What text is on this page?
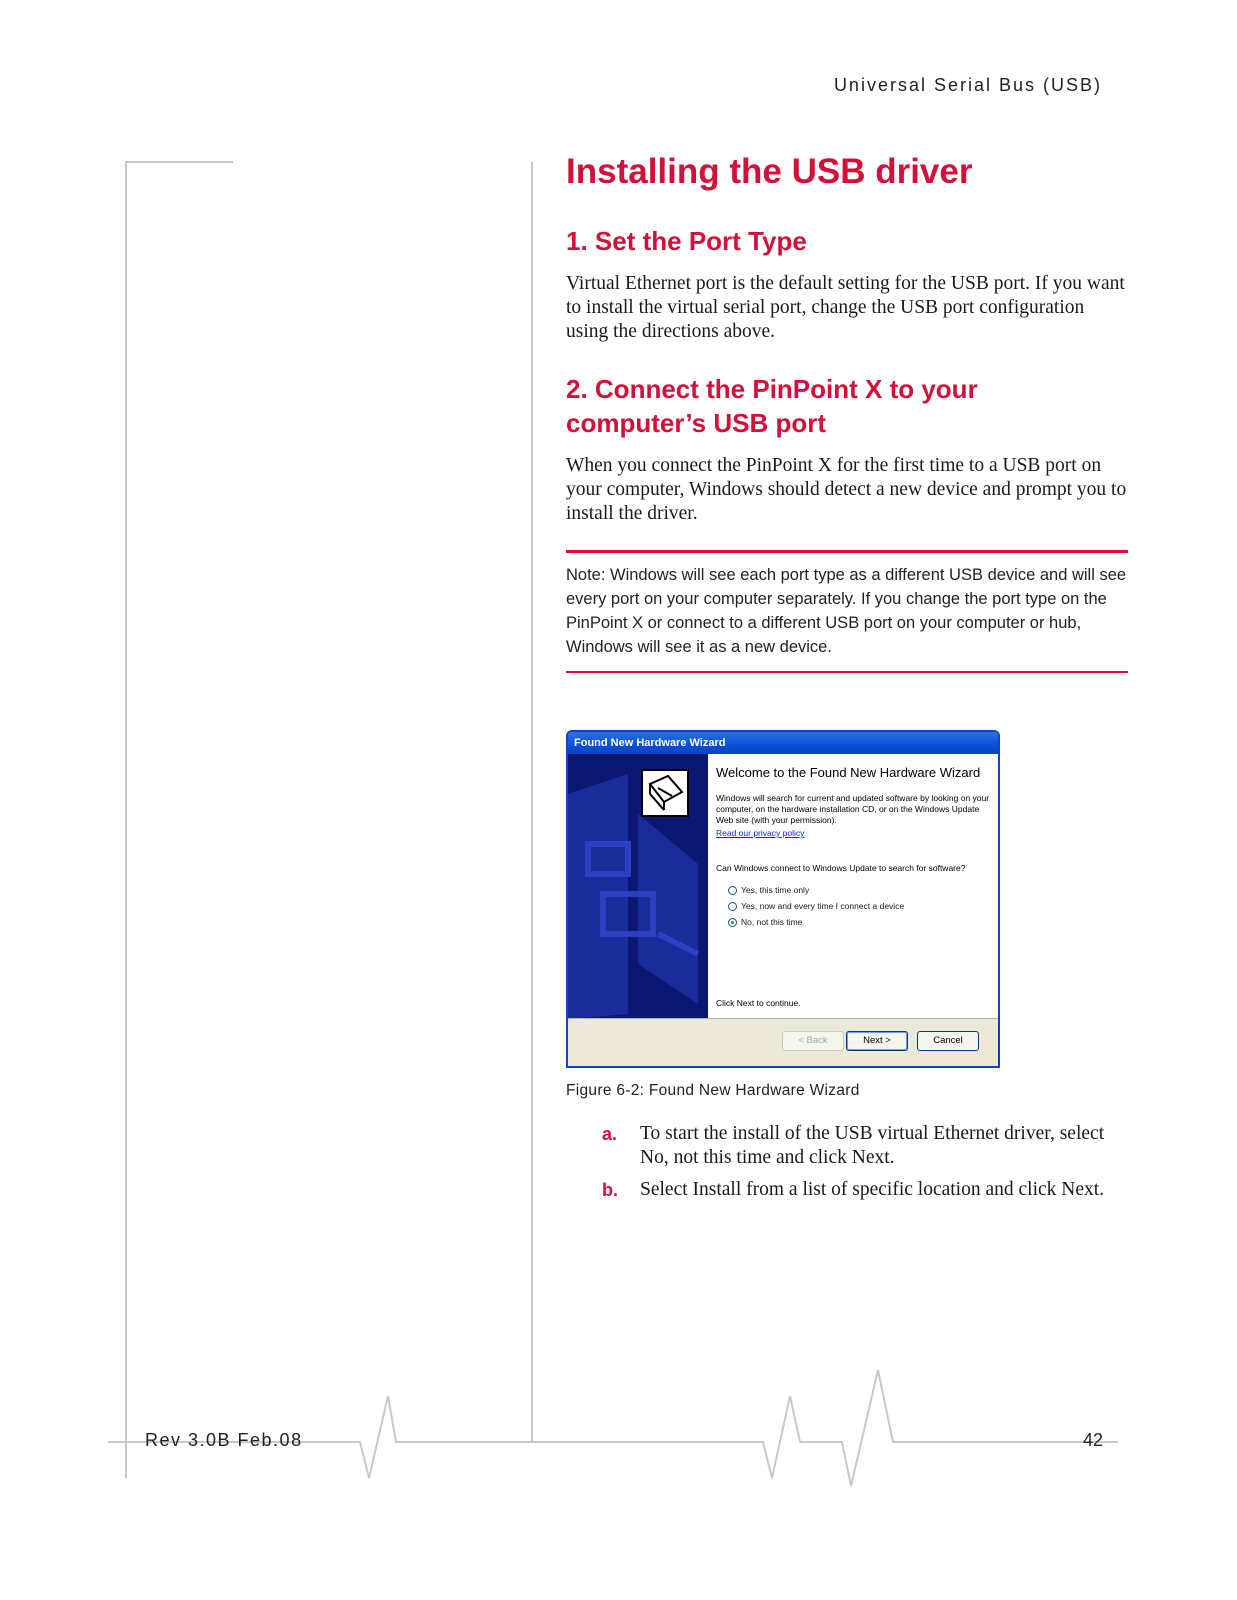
Universal Serial Bus (USB)
Installing the USB driver
1. Set the Port Type

Virtual Ethernet port is the default setting for the USB port. If you want to install the virtual serial port, change the USB port configuration using the directions above.

2. Connect the PinPoint X to your
computer’s USB port

When you connect the PinPoint X for the first time to a USB port on your computer, Windows should detect a new device and prompt you to install the driver.

Note: Windows will see each port type as a different USB device and will see every port on your computer separately. If you change the port type on the PinPoint X or connect to a different USB port on your computer or hub, Windows will see it as a new device.
Found New Hardware Wizard

Welcome to the Found New Hardware Wizard

Windows will search for current and updated software by looking on your computer, on the hardware installation CD, or on the Windows Update Web site (with your permission).

Read our privacy policy

Can Windows connect to Windows Update to search for software?

Yes, this time only
Yes, now and every time I connect a device
No, not this time

Click Next to continue.

< Back	Next >	Cancel
Figure 6-2: Found New Hardware Wizard
a.	To start the install of the USB virtual Ethernet driver, select No, not this time and click Next.
b.	Select Install from a list of specific location and click Next.
Rev 3.0B Feb.08	42
